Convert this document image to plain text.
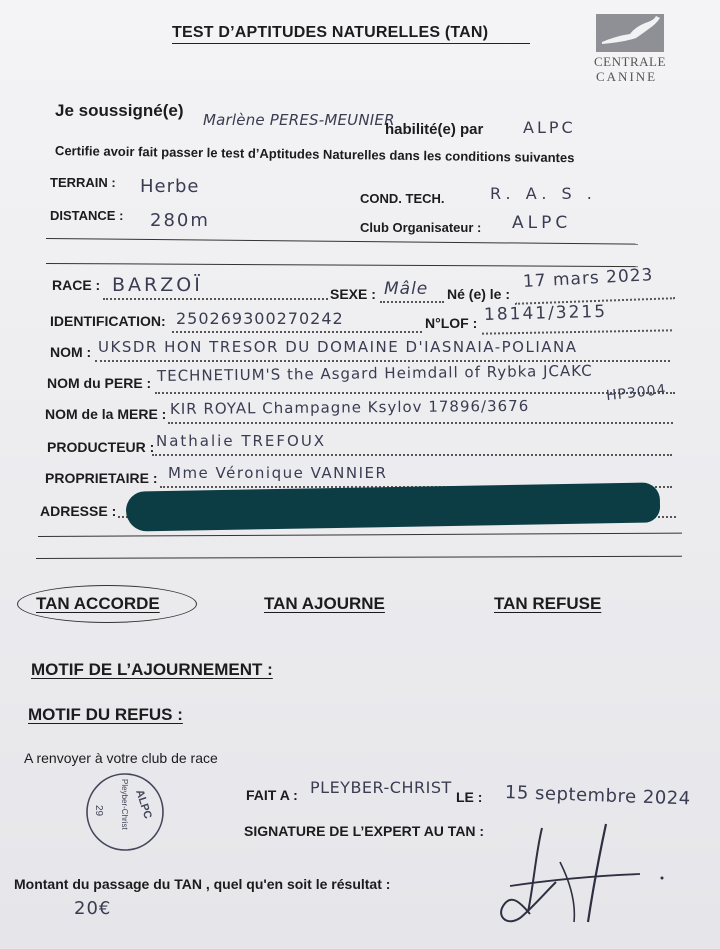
TEST D’APTITUDES NATURELLES (TAN)
CENTRALE
CANINE
Je soussigné(e) Marlène PERES-MEUNIER
habilité(e) par ALPC
Certifie avoir fait passer le test d’Aptitudes Naturelles dans les conditions suivantes
TERRAIN : Herbe
COND. TECH.	R. A. S .
DISTANCE : 280m	Club Organisateur : ALPC
RACE : BARZOÏ	SEXE : Mâle Né (e) le :
17 mars 2023
IDENTIFICATION: 250269300270242	N°LOF : 18141/3215
NOM : UKSDR HON TRESOR DU DOMAINE D'IASNAIA-POLIANA
NOM du PERE : TECHNETIUM'S the Asgard Heimdall of Rybka JCAKC
HP3004
NOM de la MERE : KIR ROYAL Champagne Ksylov 17896/3676
PRODUCTEUR : Nathalie TREFOUX
PROPRIETAIRE : Mme Véronique VANNIER
ADRESSE :
TAN ACCORDE	TAN AJOURNE	TAN REFUSE
MOTIF DE L’AJOURNEMENT :
MOTIF DU REFUS :
A renvoyer à votre club de race
ALPC
Pleyber-Christ
29
FAIT A : PLEYBER-CHRIST LE : 15 septembre 2024
SIGNATURE DE L’EXPERT AU TAN :
Montant du passage du TAN , quel qu'en soit le résultat :
20€
